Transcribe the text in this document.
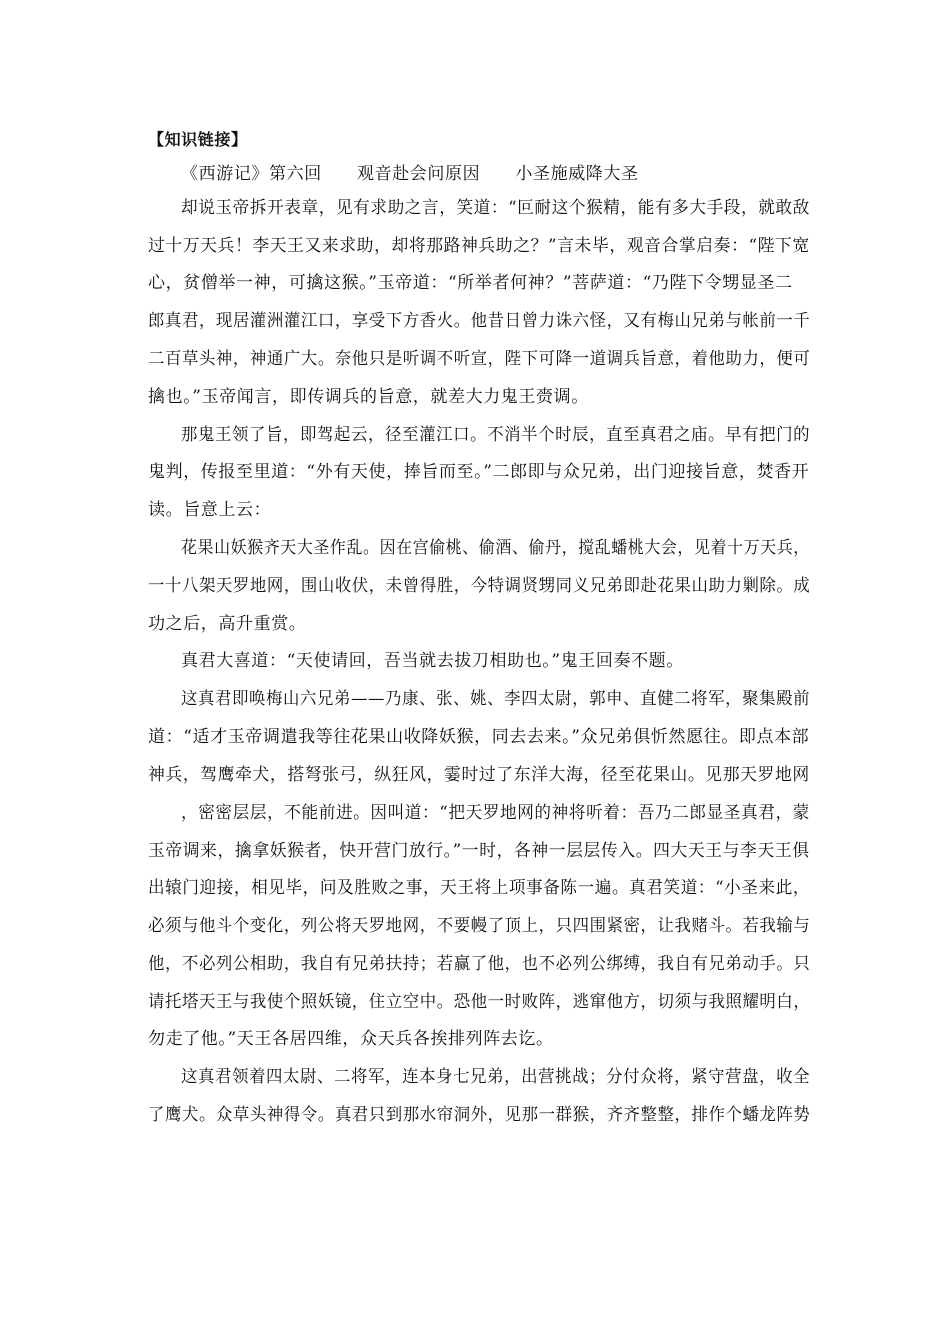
【知识链接】
《西游记》第六回　　观音赴会问原因　　小圣施威降大圣
却说玉帝拆开表章，见有求助之言，笑道：“叵耐这个猴精，能有多大手段，就敢敌
过十万天兵！李天王又来求助，却将那路神兵助之？”言未毕，观音合掌启奏：“陛下宽
心，贫僧举一神，可擒这猴。”玉帝道：“所举者何神？”菩萨道：“乃陛下令甥显圣二
郎真君，现居灌洲灌江口，享受下方香火。他昔日曾力诛六怪，又有梅山兄弟与帐前一千
二百草头神，神通广大。奈他只是听调不听宣，陛下可降一道调兵旨意，着他助力，便可
擒也。”玉帝闻言，即传调兵的旨意，就差大力鬼王赍调。
那鬼王领了旨，即驾起云，径至灌江口。不消半个时辰，直至真君之庙。早有把门的
鬼判，传报至里道：“外有天使，捧旨而至。”二郎即与众兄弟，出门迎接旨意，焚香开
读。旨意上云：
花果山妖猴齐天大圣作乱。因在宫偷桃、偷酒、偷丹，搅乱蟠桃大会，见着十万天兵，
一十八架天罗地网，围山收伏，未曾得胜，今特调贤甥同义兄弟即赴花果山助力剿除。成
功之后，高升重赏。
真君大喜道：“天使请回，吾当就去拔刀相助也。”鬼王回奏不题。
这真君即唤梅山六兄弟——乃康、张、姚、李四太尉，郭申、直健二将军，聚集殿前
道：“适才玉帝调遣我等往花果山收降妖猴，同去去来。”众兄弟俱忻然愿往。即点本部
神兵，驾鹰牵犬，搭弩张弓，纵狂风，霎时过了东洋大海，径至花果山。见那天罗地网
，密密层层，不能前进。因叫道：“把天罗地网的神将听着：吾乃二郎显圣真君，蒙
玉帝调来，擒拿妖猴者，快开营门放行。”一时，各神一层层传入。四大天王与李天王俱
出辕门迎接，相见毕，问及胜败之事，天王将上项事备陈一遍。真君笑道：“小圣来此，
必须与他斗个变化，列公将天罗地网，不要幔了顶上，只四围紧密，让我赌斗。若我输与
他，不必列公相助，我自有兄弟扶持；若赢了他，也不必列公绑缚，我自有兄弟动手。只
请托塔天王与我使个照妖镜，住立空中。恐他一时败阵，逃窜他方，切须与我照耀明白，
勿走了他。”天王各居四维，众天兵各挨排列阵去讫。
这真君领着四太尉、二将军，连本身七兄弟，出营挑战；分付众将，紧守营盘，收全
了鹰犬。众草头神得令。真君只到那水帘洞外，见那一群猴，齐齐整整，排作个蟠龙阵势
